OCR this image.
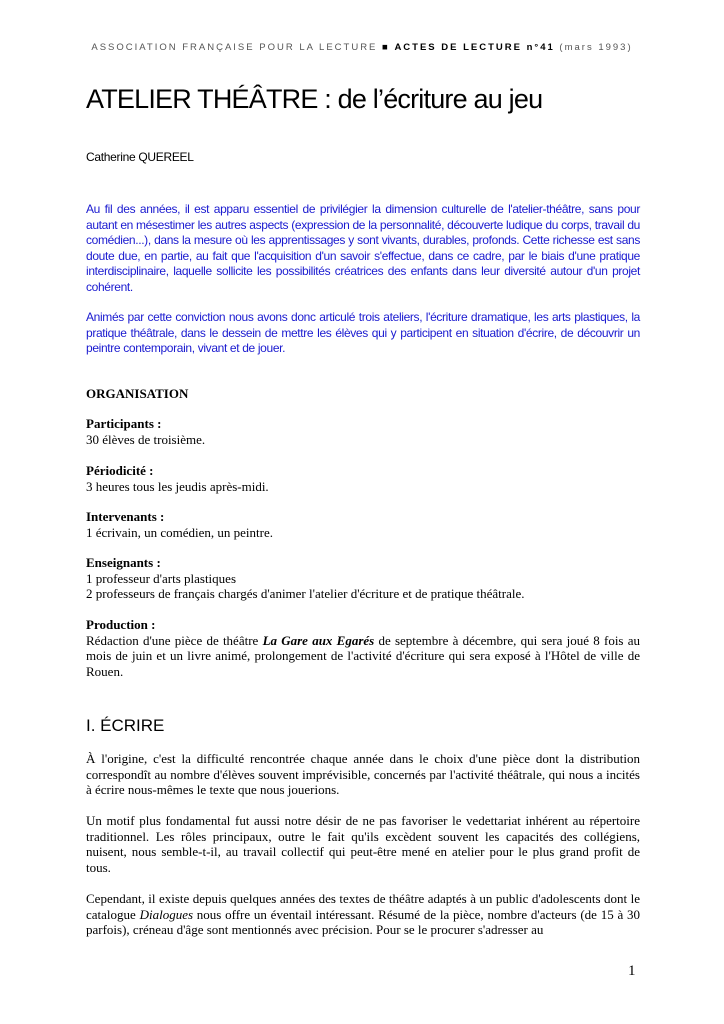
ASSOCIATION FRANÇAISE POUR LA LECTURE ■ ACTES DE LECTURE n°41 (mars 1993)
ATELIER THÉÂTRE : de l’écriture au jeu
Catherine QUEREEL

Au fil des années, il est apparu essentiel de privilégier la dimension culturelle de l'atelier-théâtre, sans pour autant en mésestimer les autres aspects (expression de la personnalité, découverte ludique du corps, travail du comédien...), dans la mesure où les apprentissages y sont vivants, durables, profonds. Cette richesse est sans doute due, en partie, au fait que l'acquisition d'un savoir s'effectue, dans ce cadre, par le biais d'une pratique interdisciplinaire, laquelle sollicite les possibilités créatrices des enfants dans leur diversité autour d'un projet cohérent.

Animés par cette conviction nous avons donc articulé trois ateliers, l'écriture dramatique, les arts plastiques, la pratique théâtrale, dans le dessein de mettre les élèves qui y participent en situation d'écrire, de découvrir un peintre contemporain, vivant et de jouer.

ORGANISATION
Participants :
30 élèves de troisième.
Périodicité :
3 heures tous les jeudis après-midi.
Intervenants :
1 écrivain, un comédien, un peintre.
Enseignants :
1 professeur d'arts plastiques
2 professeurs de français chargés d'animer l'atelier d'écriture et de pratique théâtrale.
Production :

Rédaction d'une pièce de théâtre La Gare aux Egarés de septembre à décembre, qui sera joué 8 fois au mois de juin et un livre animé, prolongement de l'activité d'écriture qui sera exposé à l'Hôtel de ville de Rouen.

I. ÉCRIRE

À l'origine, c'est la difficulté rencontrée chaque année dans le choix d'une pièce dont la distribution correspondît au nombre d'élèves souvent imprévisible, concernés par l'activité théâtrale, qui nous a incités à écrire nous-mêmes le texte que nous jouerions.

Un motif plus fondamental fut aussi notre désir de ne pas favoriser le vedettariat inhérent au répertoire traditionnel. Les rôles principaux, outre le fait qu'ils excèdent souvent les capacités des collégiens, nuisent, nous semble-t-il, au travail collectif qui peut-être mené en atelier pour le plus grand profit de tous.

Cependant, il existe depuis quelques années des textes de théâtre adaptés à un public d'adolescents dont le catalogue Dialogues nous offre un éventail intéressant. Résumé de la pièce, nombre d'acteurs (de 15 à 30 parfois), créneau d'âge sont mentionnés avec précision. Pour se le procurer s'adresser au

1
